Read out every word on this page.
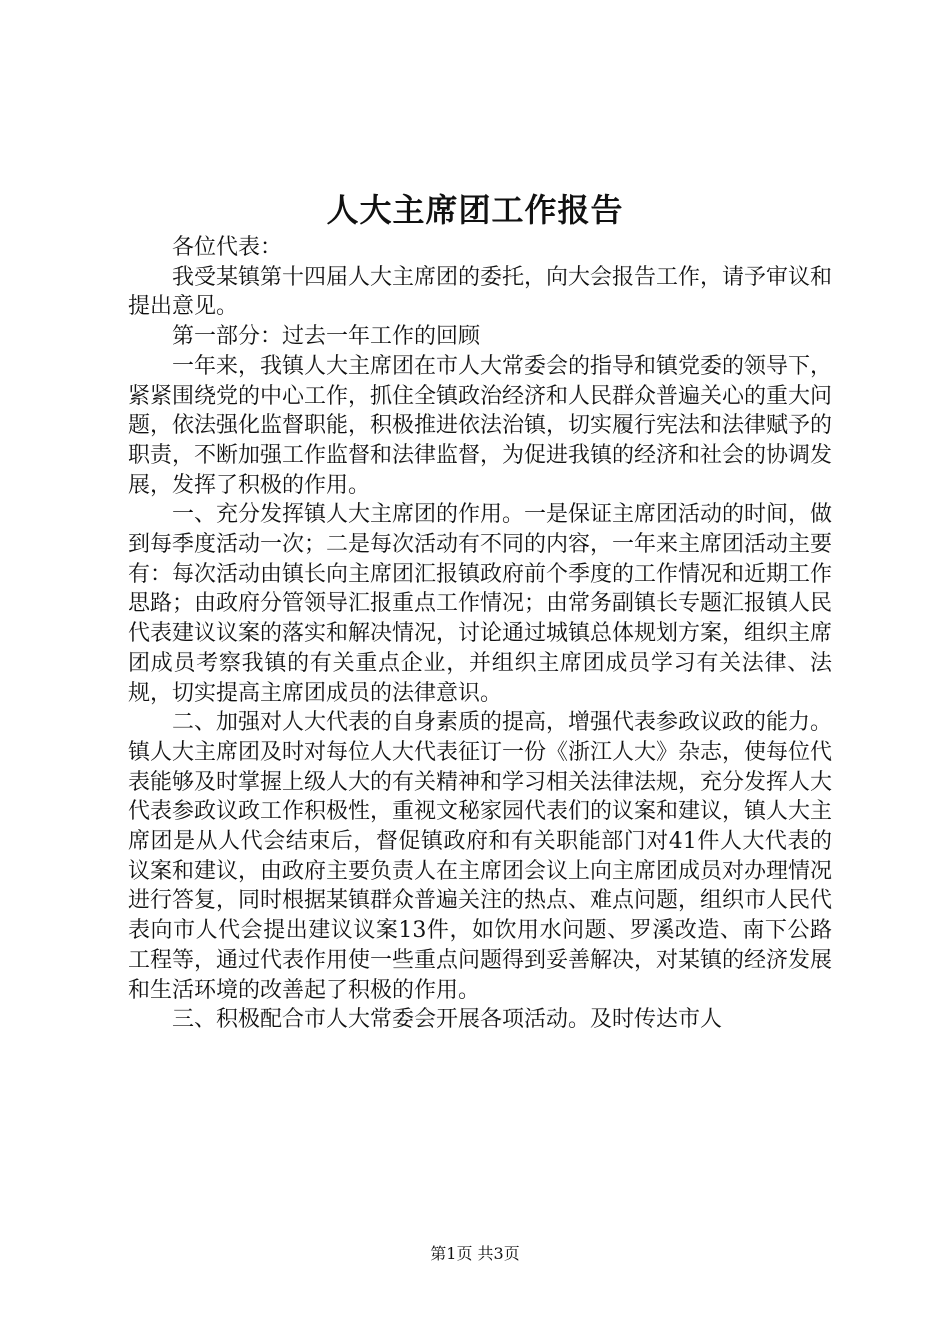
人大主席团工作报告

各位代表：

我受某镇第十四届人大主席团的委托，向大会报告工作，请予审议和提出意见。

第一部分：过去一年工作的回顾

一年来，我镇人大主席团在市人大常委会的指导和镇党委的领导下，紧紧围绕党的中心工作，抓住全镇政治经济和人民群众普遍关心的重大问题，依法强化监督职能，积极推进依法治镇，切实履行宪法和法律赋予的职责，不断加强工作监督和法律监督，为促进我镇的经济和社会的协调发展，发挥了积极的作用。

一、充分发挥镇人大主席团的作用。一是保证主席团活动的时间，做到每季度活动一次；二是每次活动有不同的内容，一年来主席团活动主要有：每次活动由镇长向主席团汇报镇政府前个季度的工作情况和近期工作思路；由政府分管领导汇报重点工作情况；由常务副镇长专题汇报镇人民代表建议议案的落实和解决情况，讨论通过城镇总体规划方案，组织主席团成员考察我镇的有关重点企业，并组织主席团成员学习有关法律、法规，切实提高主席团成员的法律意识。

二、加强对人大代表的自身素质的提高，增强代表参政议政的能力。镇人大主席团及时对每位人大代表征订一份《浙江人大》杂志，使每位代表能够及时掌握上级人大的有关精神和学习相关法律法规，充分发挥人大代表参政议政工作积极性，重视文秘家园代表们的议案和建议，镇人大主席团是从人代会结束后，督促镇政府和有关职能部门对41件人大代表的议案和建议，由政府主要负责人在主席团会议上向主席团成员对办理情况进行答复，同时根据某镇群众普遍关注的热点、难点问题，组织市人民代表向市人代会提出建议议案13件，如饮用水问题、罗溪改造、南下公路工程等，通过代表作用使一些重点问题得到妥善解决，对某镇的经济发展和生活环境的改善起了积极的作用。

三、积极配合市人大常委会开展各项活动。及时传达市人

第1页 共3页
